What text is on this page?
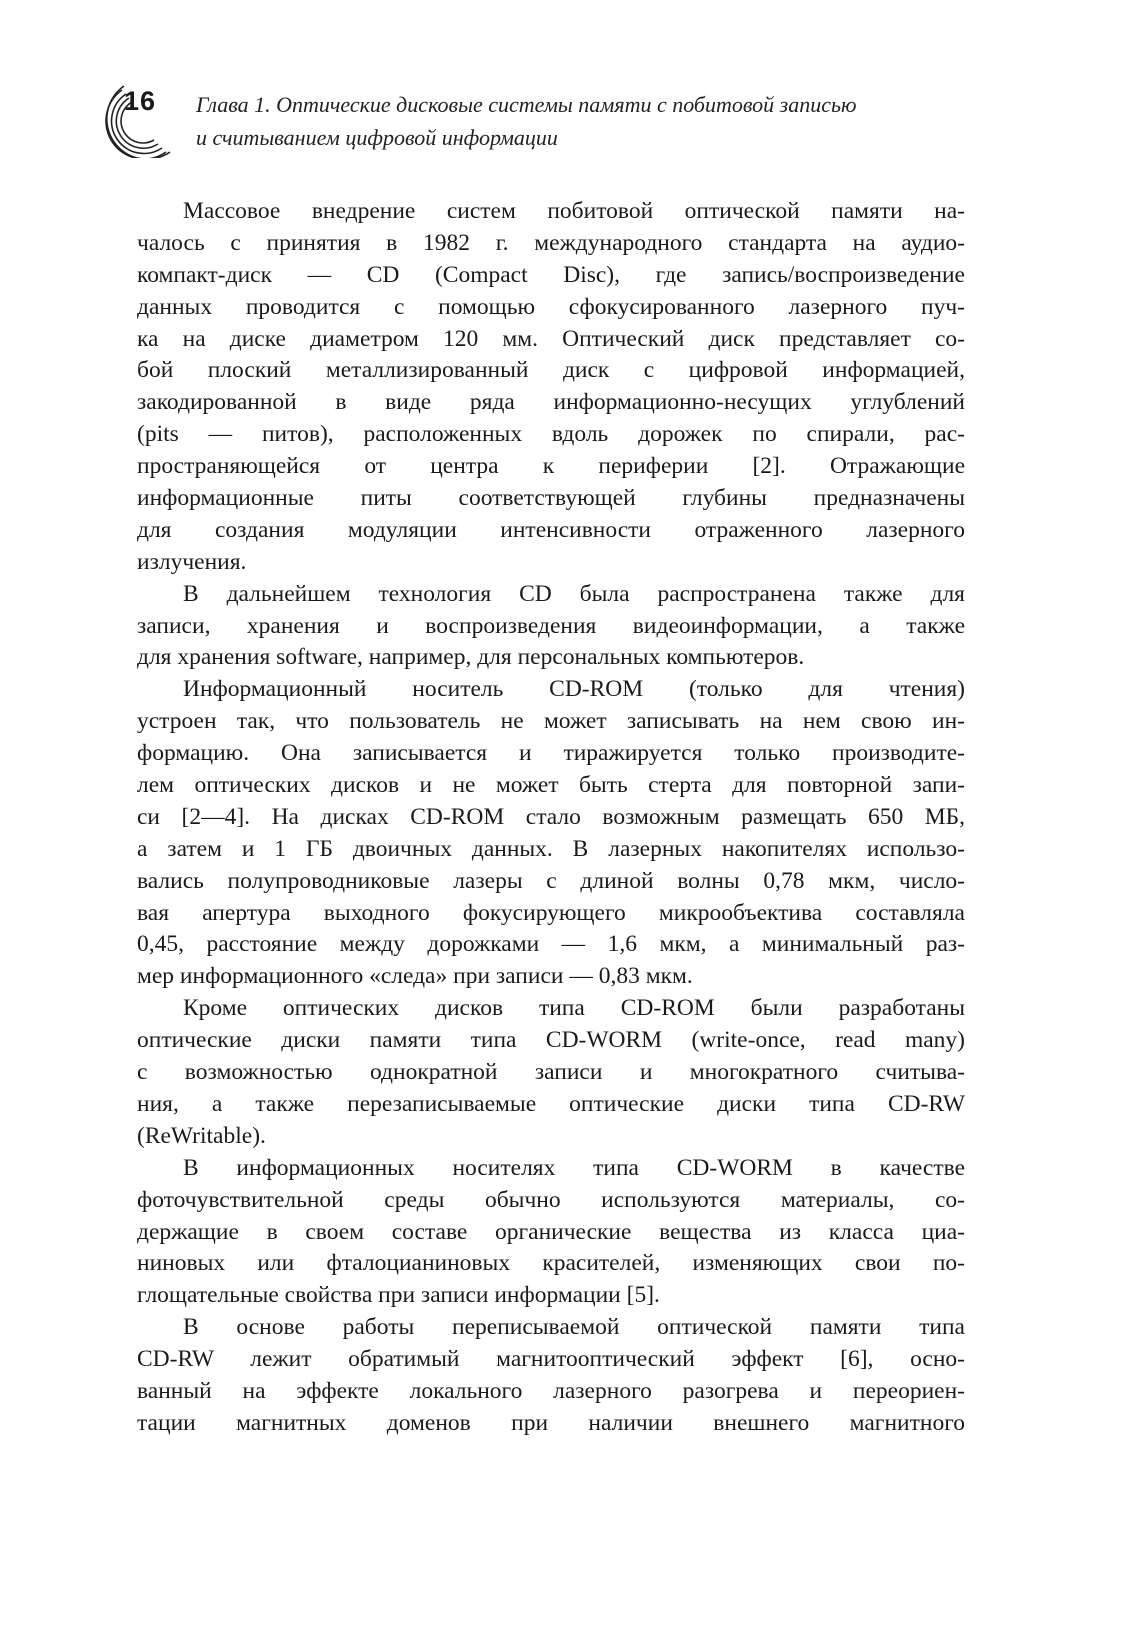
16 Глава 1. Оптические дисковые системы памяти с побитовой записью
и считыванием цифровой информации
Массовое внедрение систем побитовой оптической памяти на-
чалось с принятия в 1982 г. международного стандарта на аудио-
компакт-диск — CD (Compact Disc), где запись/воспроизведение
данных проводится с помощью сфокусированного лазерного пуч-
ка на диске диаметром 120 мм. Оптический диск представляет со-
бой плоский металлизированный диск с цифровой информацией,
закодированной в виде ряда информационно-несущих углублений
(pits — питов), расположенных вдоль дорожек по спирали, рас-
пространяющейся от центра к периферии [2]. Отражающие
информационные питы соответствующей глубины предназначены
для создания модуляции интенсивности отраженного лазерного
излучения.
В дальнейшем технология CD была распространена также для
записи, хранения и воспроизведения видеоинформации, а также
для хранения software, например, для персональных компьютеров.
Информационный носитель CD-ROM (только для чтения)
устроен так, что пользователь не может записывать на нем свою ин-
формацию. Она записывается и тиражируется только производите-
лем оптических дисков и не может быть стерта для повторной запи-
си [2—4]. На дисках CD-ROM стало возможным размещать 650 МБ,
а затем и 1 ГБ двоичных данных. В лазерных накопителях использо-
вались полупроводниковые лазеры с длиной волны 0,78 мкм, число-
вая апертура выходного фокусирующего микрообъектива составляла
0,45, расстояние между дорожками — 1,6 мкм, а минимальный раз-
мер информационного «следа» при записи — 0,83 мкм.
Кроме оптических дисков типа CD-ROM были разработаны
оптические диски памяти типа CD-WORM (write-once, read many)
с возможностью однократной записи и многократного считыва-
ния, а также перезаписываемые оптические диски типа CD-RW
(ReWritable).
В информационных носителях типа CD-WORM в качестве
фоточувствительной среды обычно используются материалы, со-
держащие в своем составе органические вещества из класса циа-
ниновых или фталоцианиновых красителей, изменяющих свои по-
глощательные свойства при записи информации [5].
В основе работы переписываемой оптической памяти типа
CD-RW лежит обратимый магнитооптический эффект [6], осно-
ванный на эффекте локального лазерного разогрева и переориен-
тации магнитных доменов при наличии внешнего магнитного
